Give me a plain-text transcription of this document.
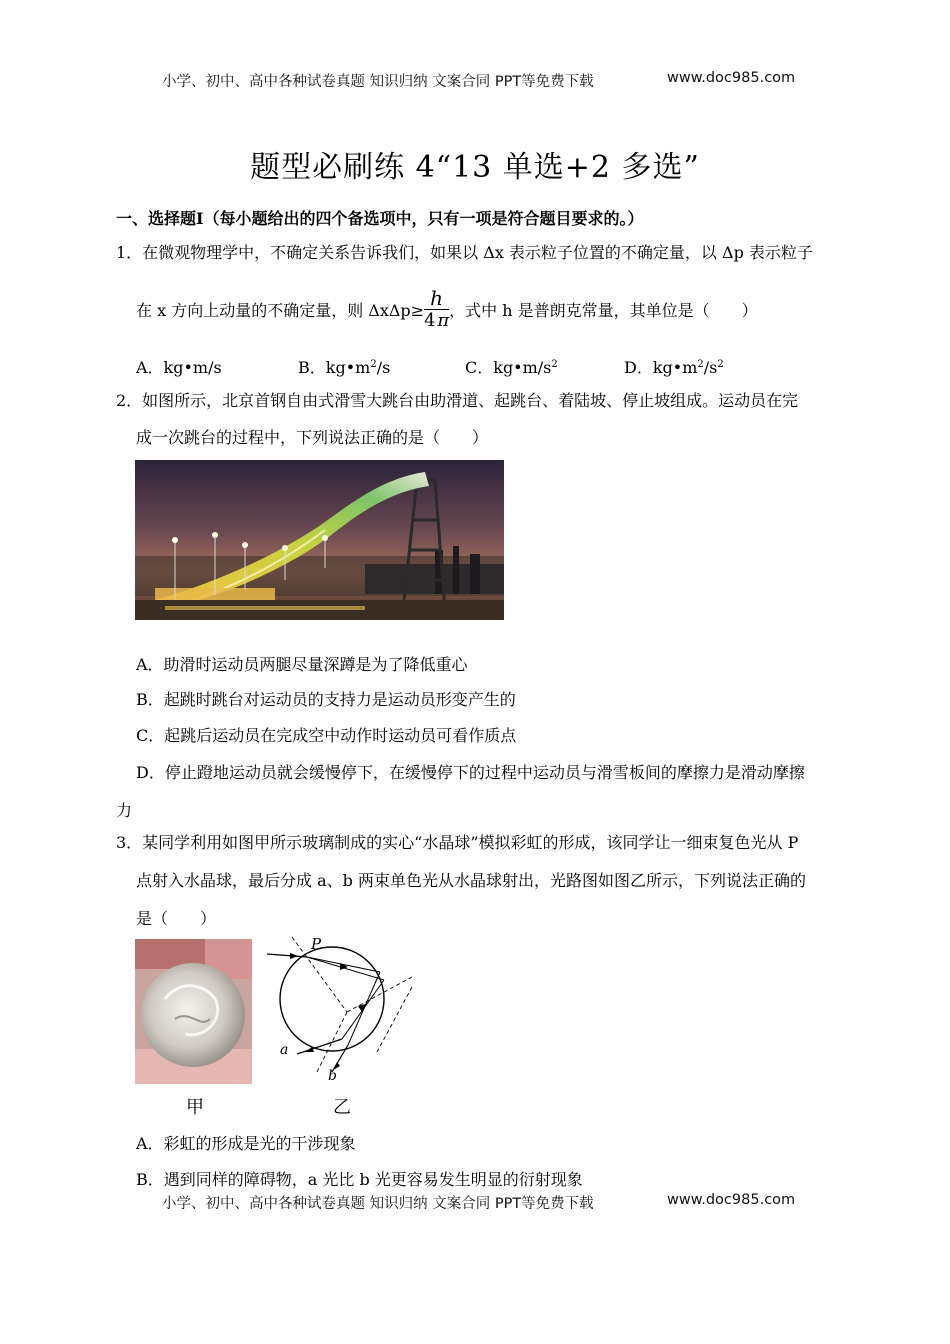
小学、初中、高中各种试卷真题 知识归纳 文案合同 PPT等免费下载	www.doc985.com
题型必刷练 4“13 单选+2 多选”
一、选择题Ⅰ（每小题给出的四个备选项中，只有一项是符合题目要求的。）
1．在微观物理学中，不确定关系告诉我们，如果以 Δx 表示粒子位置的不确定量，以 Δp 表示粒子
在 x 方向上动量的不确定量，则 $\Delta x\Delta p\ge \frac{h}{4 \pi}$ ，式中 h 是普朗克常量，其单位是（　　）
A．kg•m/s	B．$kg•m^2/s$	C．$kg•m/s^2$	D．$kg•m^2/s^2$
2．如图所示，北京首钢自由式滑雪大跳台由助滑道、起跳台、着陆坡、停止坡组成。运动员在完
成一次跳台的过程中，下列说法正确的是（　　）
A．助滑时运动员两腿尽量深蹲是为了降低重心
B．起跳时跳台对运动员的支持力是运动员形变产生的
C．起跳后运动员在完成空中动作时运动员可看作质点
D．停止蹬地运动员就会缓慢停下，在缓慢停下的过程中运动员与滑雪板间的摩擦力是滑动摩擦
力
3．某同学利用如图甲所示玻璃制成的实心“水晶球”模拟彩虹的形成，该同学让一细束复色光从 P
点射入水晶球，最后分成 a、b 两束单色光从水晶球射出，光路图如图乙所示，下列说法正确的
是（　　）
甲
P
a
b
乙
A．彩虹的形成是光的干涉现象
B．遇到同样的障碍物，a 光比 b 光更容易发生明显的衍射现象
小学、初中、高中各种试卷真题 知识归纳 文案合同 PPT等免费下载	www.doc985.com
